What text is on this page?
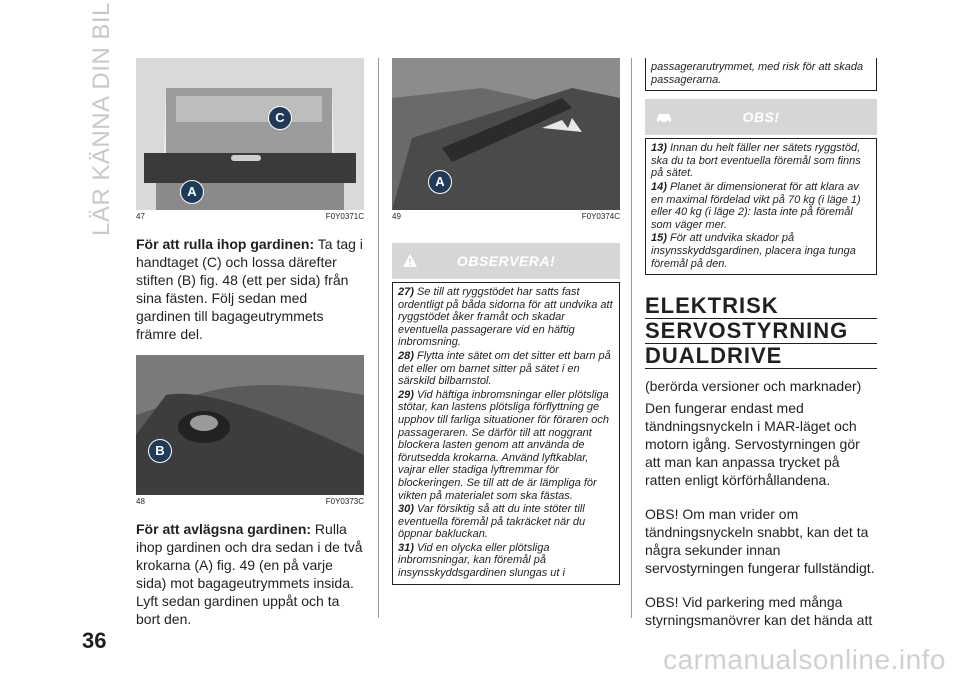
LÄR KÄNNA DIN BIL
36
C
A
47	F0Y0371C
För att rulla ihop gardinen: Ta tag i handtaget (C) och lossa därefter stiften (B) fig. 48 (ett per sida) från sina fästen. Följ sedan med gardinen till bagageutrymmets främre del.
B
48	F0Y0373C
För att avlägsna gardinen: Rulla ihop gardinen och dra sedan i de två krokarna (A) fig. 49 (en på varje sida) mot bagageutrymmets insida. Lyft sedan gardinen uppåt och ta bort den.
A
49	F0Y0374C
OBSERVERA!

27) Se till att ryggstödet har satts fast ordentligt på båda sidorna för att undvika att ryggstödet åker framåt och skadar eventuella passagerare vid en häftig inbromsning.

28) Flytta inte sätet om det sitter ett barn på det eller om barnet sitter på sätet i en särskild bilbarnstol.

29) Vid häftiga inbromsningar eller plötsliga stötar, kan lastens plötsliga förflyttning ge upphov till farliga situationer för föraren och passageraren. Se därför till att noggrant blockera lasten genom att använda de förutsedda krokarna. Använd lyftkablar, vajrar eller stadiga lyftremmar för blockeringen. Se till att de är lämpliga för vikten på materialet som ska fästas.

30) Var försiktig så att du inte stöter till eventuella föremål på takräcket när du öppnar bakluckan.

31) Vid en olycka eller plötsliga inbromsningar, kan föremål på insynsskyddsgardinen slungas ut i

passagerarutrymmet, med risk för att skada passagerarna.

OBS!

13) Innan du helt fäller ner sätets ryggstöd, ska du ta bort eventuella föremål som finns på sätet.

14) Planet är dimensionerat för att klara av en maximal fördelad vikt på 70 kg (i läge 1) eller 40 kg (i läge 2): lasta inte på föremål som väger mer.

15) För att undvika skador på insynsskyddsgardinen, placera inga tunga föremål på den.

ELEKTRISK
SERVOSTYRNING
DUALDRIVE
(berörda versioner och marknader)
Den fungerar endast med tändningsnyckeln i MAR-läget och motorn igång. Servostyrningen gör att man kan anpassa trycket på ratten enligt körförhållandena.
OBS! Om man vrider om tändningsnyckeln snabbt, kan det ta några sekunder innan servostyrningen fungerar fullständigt.
OBS! Vid parkering med många styrningsmanövrer kan det hända att
carmanualsonline.info
